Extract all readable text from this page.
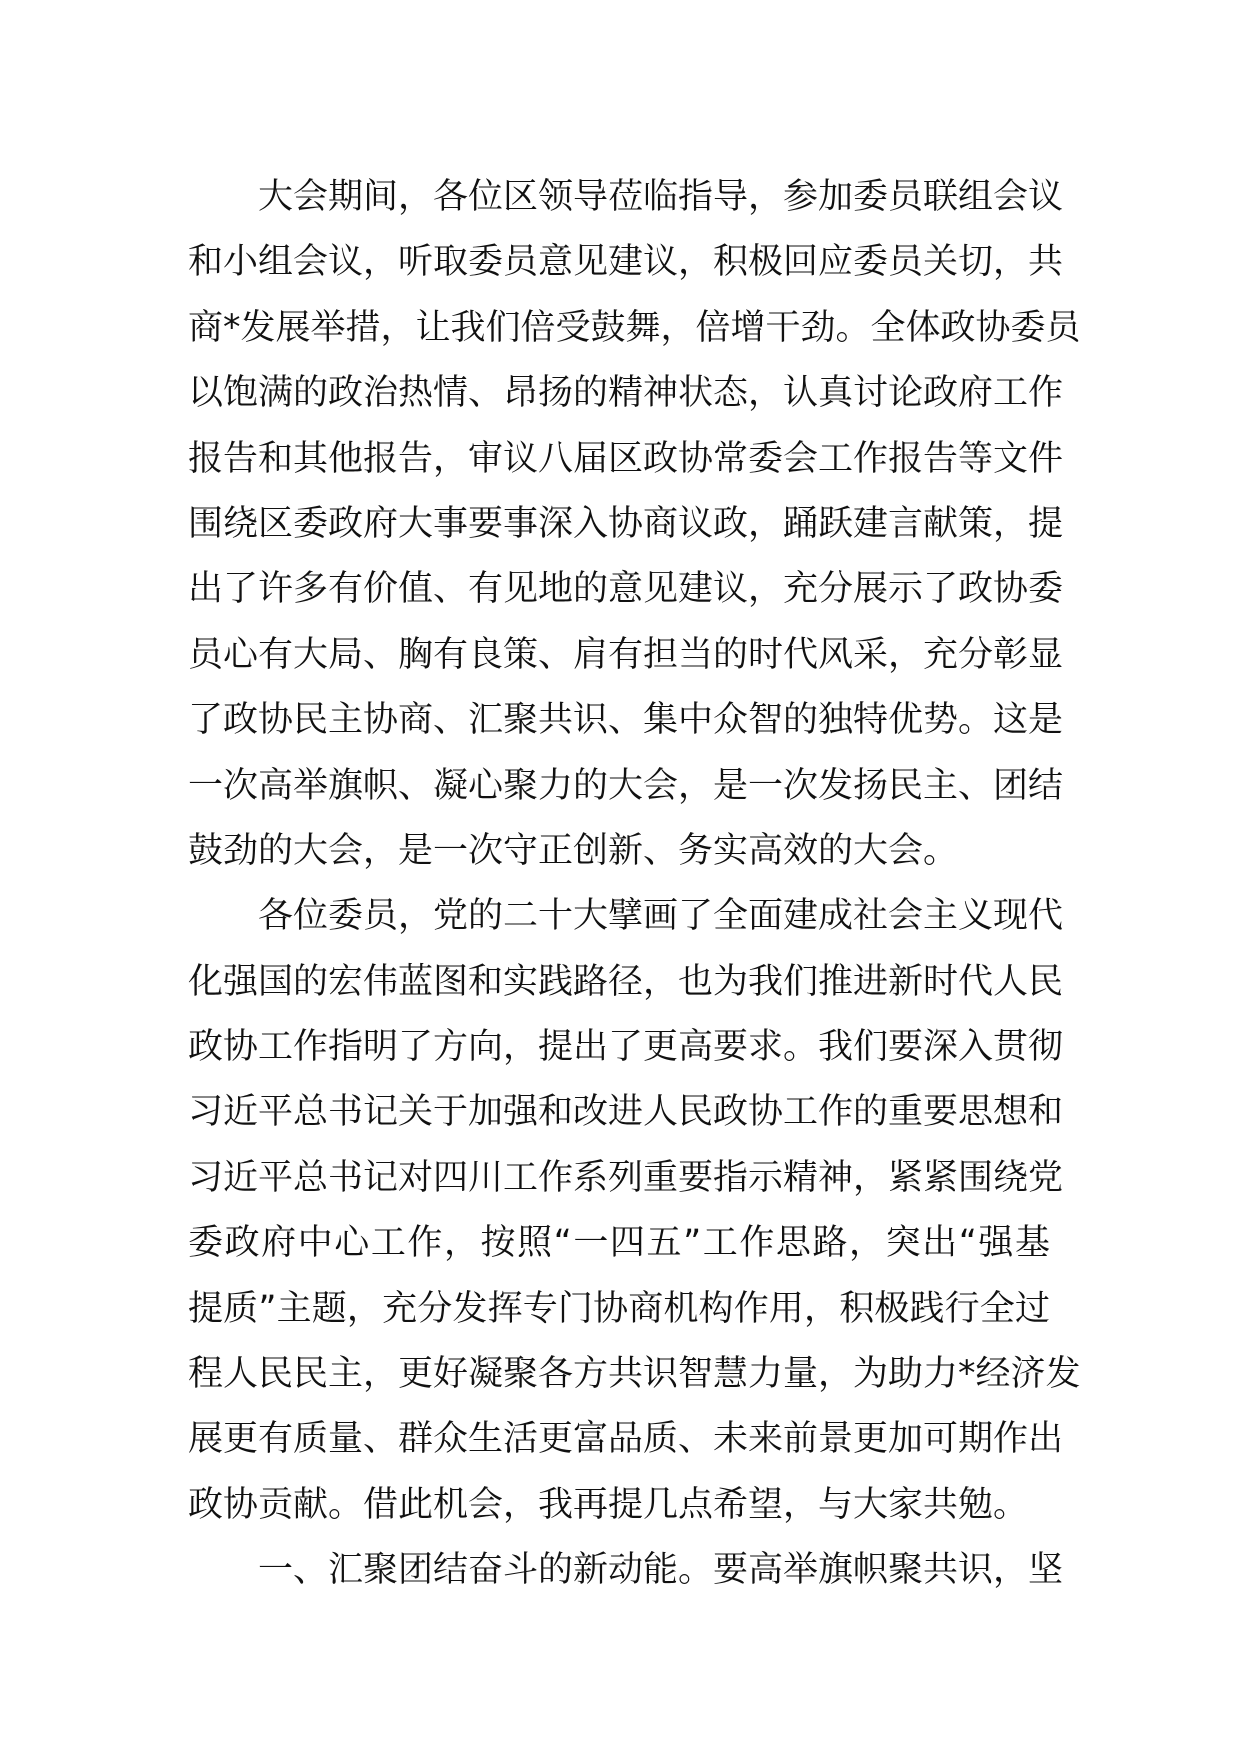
大会期间，各位区领导莅临指导，参加委员联组会议
和小组会议，听取委员意见建议，积极回应委员关切，共
商*发展举措，让我们倍受鼓舞，倍增干劲。全体政协委员
以饱满的政治热情、昂扬的精神状态，认真讨论政府工作
报告和其他报告，审议八届区政协常委会工作报告等文件
围绕区委政府大事要事深入协商议政，踊跃建言献策，提
出了许多有价值、有见地的意见建议，充分展示了政协委
员心有大局、胸有良策、肩有担当的时代风采，充分彰显
了政协民主协商、汇聚共识、集中众智的独特优势。这是
一次高举旗帜、凝心聚力的大会，是一次发扬民主、团结
鼓劲的大会，是一次守正创新、务实高效的大会。
各位委员，党的二十大擘画了全面建成社会主义现代
化强国的宏伟蓝图和实践路径，也为我们推进新时代人民
政协工作指明了方向，提出了更高要求。我们要深入贯彻
习近平总书记关于加强和改进人民政协工作的重要思想和
习近平总书记对四川工作系列重要指示精神，紧紧围绕党
委政府中心工作，按照“一四五”工作思路，突出“强基
提质”主题，充分发挥专门协商机构作用，积极践行全过
程人民民主，更好凝聚各方共识智慧力量，为助力*经济发
展更有质量、群众生活更富品质、未来前景更加可期作出
政协贡献。借此机会，我再提几点希望，与大家共勉。
一、汇聚团结奋斗的新动能。要高举旗帜聚共识，坚
